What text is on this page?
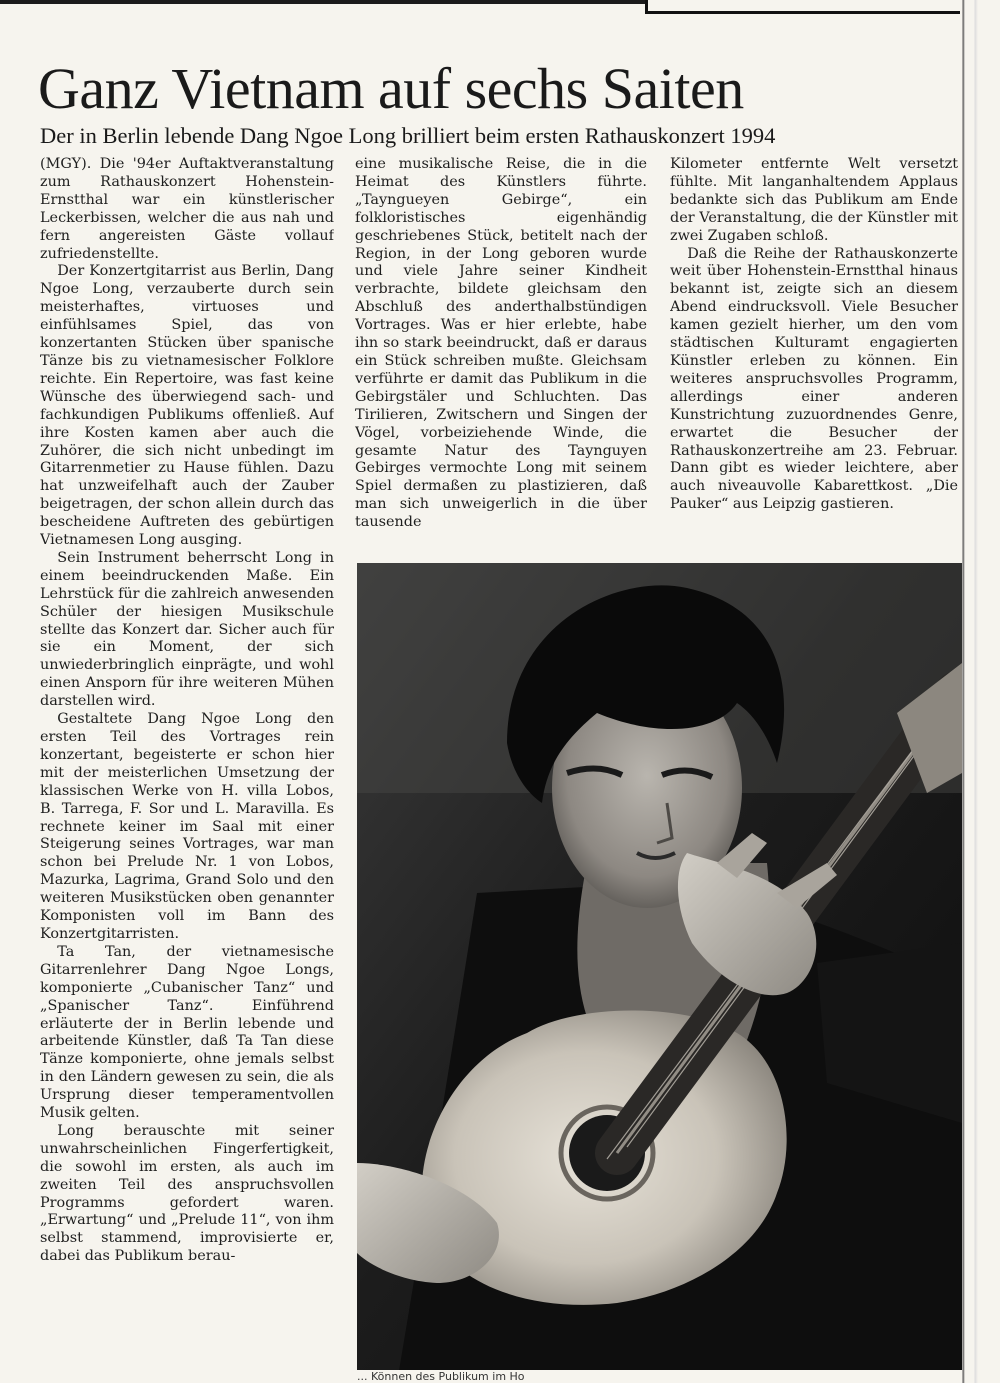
Ganz Vietnam auf sechs Saiten
Der in Berlin lebende Dang Ngoe Long brilliert beim ersten Rathauskonzert 1994

(MGY). Die '94er Auftaktveranstaltung zum Rathauskonzert Hohenstein-Ernstthal war ein künstlerischer Leckerbissen, welcher die aus nah und fern angereisten Gäste vollauf zufriedenstellte.

Der Konzertgitarrist aus Berlin, Dang Ngoe Long, verzauberte durch sein meisterhaftes, virtuoses und einfühlsames Spiel, das von konzertanten Stücken über spanische Tänze bis zu vietnamesischer Folklore reichte. Ein Repertoire, was fast keine Wünsche des überwiegend sach- und fachkundigen Publikums offenließ. Auf ihre Kosten kamen aber auch die Zuhörer, die sich nicht unbedingt im Gitarrenmetier zu Hause fühlen. Dazu hat unzweifelhaft auch der Zauber beigetragen, der schon allein durch das bescheidene Auftreten des gebürtigen Vietnamesen Long ausging.

Sein Instrument beherrscht Long in einem beeindruckenden Maße. Ein Lehrstück für die zahlreich anwesenden Schüler der hiesigen Musikschule stellte das Konzert dar. Sicher auch für sie ein Moment, der sich unwiederbringlich einprägte, und wohl einen Ansporn für ihre weiteren Mühen darstellen wird.

Gestaltete Dang Ngoe Long den ersten Teil des Vortrages rein konzertant, begeisterte er schon hier mit der meisterlichen Umsetzung der klassischen Werke von H. villa Lobos, B. Tarrega, F. Sor und L. Maravilla. Es rechnete keiner im Saal mit einer Steigerung seines Vortrages, war man schon bei Prelude Nr. 1 von Lobos, Mazurka, Lagrima, Grand Solo und den weiteren Musikstücken oben genannter Komponisten voll im Bann des Konzertgitarristen.

Ta Tan, der vietnamesische Gitarrenlehrer Dang Ngoe Longs, komponierte „Cubanischer Tanz“ und „Spanischer Tanz“. Einführend erläuterte der in Berlin lebende und arbeitende Künstler, daß Ta Tan diese Tänze komponierte, ohne jemals selbst in den Ländern gewesen zu sein, die als Ursprung dieser temperamentvollen Musik gelten.

Long berauschte mit seiner unwahrscheinlichen Fingerfertigkeit, die sowohl im ersten, als auch im zweiten Teil des anspruchsvollen Programms gefordert waren. „Erwartung“ und „Prelude 11“, von ihm selbst stammend, improvisierte er, dabei das Publikum berau-

eine musikalische Reise, die in die Heimat des Künstlers führte. „Tayngueyen Gebirge“, ein folkloristisches eigenhändig geschriebenes Stück, betitelt nach der Region, in der Long geboren wurde und viele Jahre seiner Kindheit verbrachte, bildete gleichsam den Abschluß des anderthalbstündigen Vortrages. Was er hier erlebte, habe ihn so stark beeindruckt, daß er daraus ein Stück schreiben mußte. Gleichsam verführte er damit das Publikum in die Gebirgstäler und Schluchten. Das Tirilieren, Zwitschern und Singen der Vögel, vorbeiziehende Winde, die gesamte Natur des Taynguyen Gebirges vermochte Long mit seinem Spiel dermaßen zu plastizieren, daß man sich unweigerlich in die über tausende

Kilometer entfernte Welt versetzt fühlte. Mit langanhaltendem Applaus bedankte sich das Publikum am Ende der Veranstaltung, die der Künstler mit zwei Zugaben schloß.

Daß die Reihe der Rathauskonzerte weit über Hohenstein-Ernstthal hinaus bekannt ist, zeigte sich an diesem Abend eindrucksvoll. Viele Besucher kamen gezielt hierher, um den vom städtischen Kulturamt engagierten Künstler erleben zu können. Ein weiteres anspruchsvolles Programm, allerdings einer anderen Kunstrichtung zuzuordnendes Genre, erwartet die Besucher der Rathauskonzertreihe am 23. Februar. Dann gibt es wieder leichtere, aber auch niveauvolle Kabarettkost. „Die Pauker“ aus Leipzig gastieren.

... Können des Publikum im Ho
